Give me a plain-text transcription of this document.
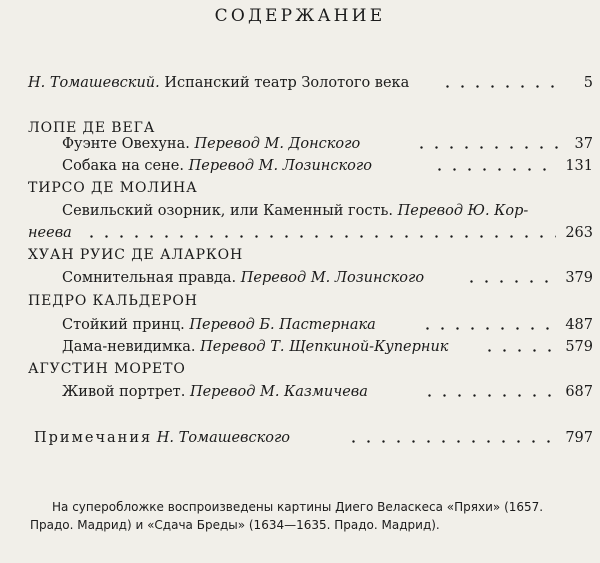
СОДЕРЖАНИЕ
Н. Томашевский. Испанский театр Золотого века	5
ЛОПЕ ДЕ ВЕГА
Фуэнте Овехуна. Перевод М. Донского	37
Собака на сене. Перевод М. Лозинского	131
ТИРСО ДЕ МОЛИНА
Севильский озорник, или Каменный гость. Перевод Ю. Кор-
неева	263
ХУАН РУИС ДЕ АЛАРКОН
Сомнительная правда. Перевод М. Лозинского	379
ПЕДРО КАЛЬДЕРОН
Стойкий принц. Перевод Б. Пастернака	487
Дама-невидимка. Перевод Т. Щепкиной-Куперник	579
АГУСТИН МОРЕТО
Живой портрет. Перевод М. Казмичева	687
Примечания Н. Томашевского	797
На суперобложке воспроизведены картины Диего Веласкеса «Пряхи» (1657. Прадо. Мадрид) и «Сдача Бреды» (1634—1635. Прадо. Мадрид).
